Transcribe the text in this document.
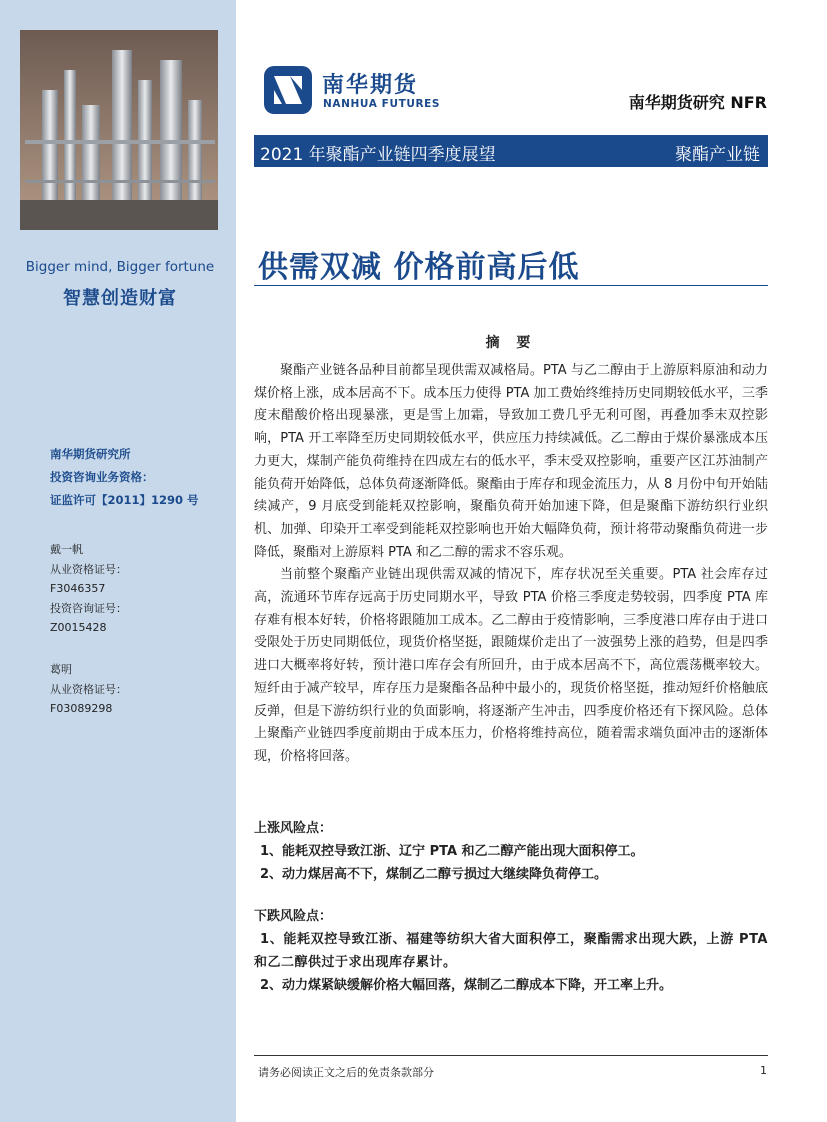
Bigger mind, Bigger fortune
智慧创造财富
南华期货研究所
投资咨询业务资格：
证监许可【2011】1290 号
戴一帆
从业资格证号：
F3046357
投资咨询证号：
Z0015428
葛明
从业资格证号：
F03089298
南华期货
NANHUA FUTURES	南华期货研究 NFR
2021 年聚酯产业链四季度展望	聚酯产业链
供需双减 价格前高后低
摘 要

聚酯产业链各品种目前都呈现供需双减格局。PTA 与乙二醇由于上游原料原油和动力煤价格上涨，成本居高不下。成本压力使得 PTA 加工费始终维持历史同期较低水平，三季度末醋酸价格出现暴涨，更是雪上加霜，导致加工费几乎无利可图，再叠加季末双控影响，PTA 开工率降至历史同期较低水平，供应压力持续减低。乙二醇由于煤价暴涨成本压力更大，煤制产能负荷维持在四成左右的低水平，季末受双控影响，重要产区江苏油制产能负荷开始降低，总体负荷逐渐降低。聚酯由于库存和现金流压力，从 8 月份中旬开始陆续减产，9 月底受到能耗双控影响，聚酯负荷开始加速下降，但是聚酯下游纺织行业织机、加弹、印染开工率受到能耗双控影响也开始大幅降负荷，预计将带动聚酯负荷进一步降低，聚酯对上游原料 PTA 和乙二醇的需求不容乐观。

当前整个聚酯产业链出现供需双减的情况下，库存状况至关重要。PTA 社会库存过高，流通环节库存远高于历史同期水平，导致 PTA 价格三季度走势较弱，四季度 PTA 库存难有根本好转，价格将跟随加工成本。乙二醇由于疫情影响，三季度港口库存由于进口受限处于历史同期低位，现货价格坚挺，跟随煤价走出了一波强势上涨的趋势，但是四季进口大概率将好转，预计港口库存会有所回升，由于成本居高不下，高位震荡概率较大。短纤由于减产较早，库存压力是聚酯各品种中最小的，现货价格坚挺，推动短纤价格触底反弹，但是下游纺织行业的负面影响，将逐渐产生冲击，四季度价格还有下探风险。总体上聚酯产业链四季度前期由于成本压力，价格将维持高位，随着需求端负面冲击的逐渐体现，价格将回落。

上涨风险点：
1、能耗双控导致江浙、辽宁 PTA 和乙二醇产能出现大面积停工。
2、动力煤居高不下，煤制乙二醇亏损过大继续降负荷停工。
下跌风险点：
1、能耗双控导致江浙、福建等纺织大省大面积停工，聚酯需求出现大跌，上游 PTA 和乙二醇供过于求出现库存累计。
2、动力煤紧缺缓解价格大幅回落，煤制乙二醇成本下降，开工率上升。
请务必阅读正文之后的免责条款部分	1
